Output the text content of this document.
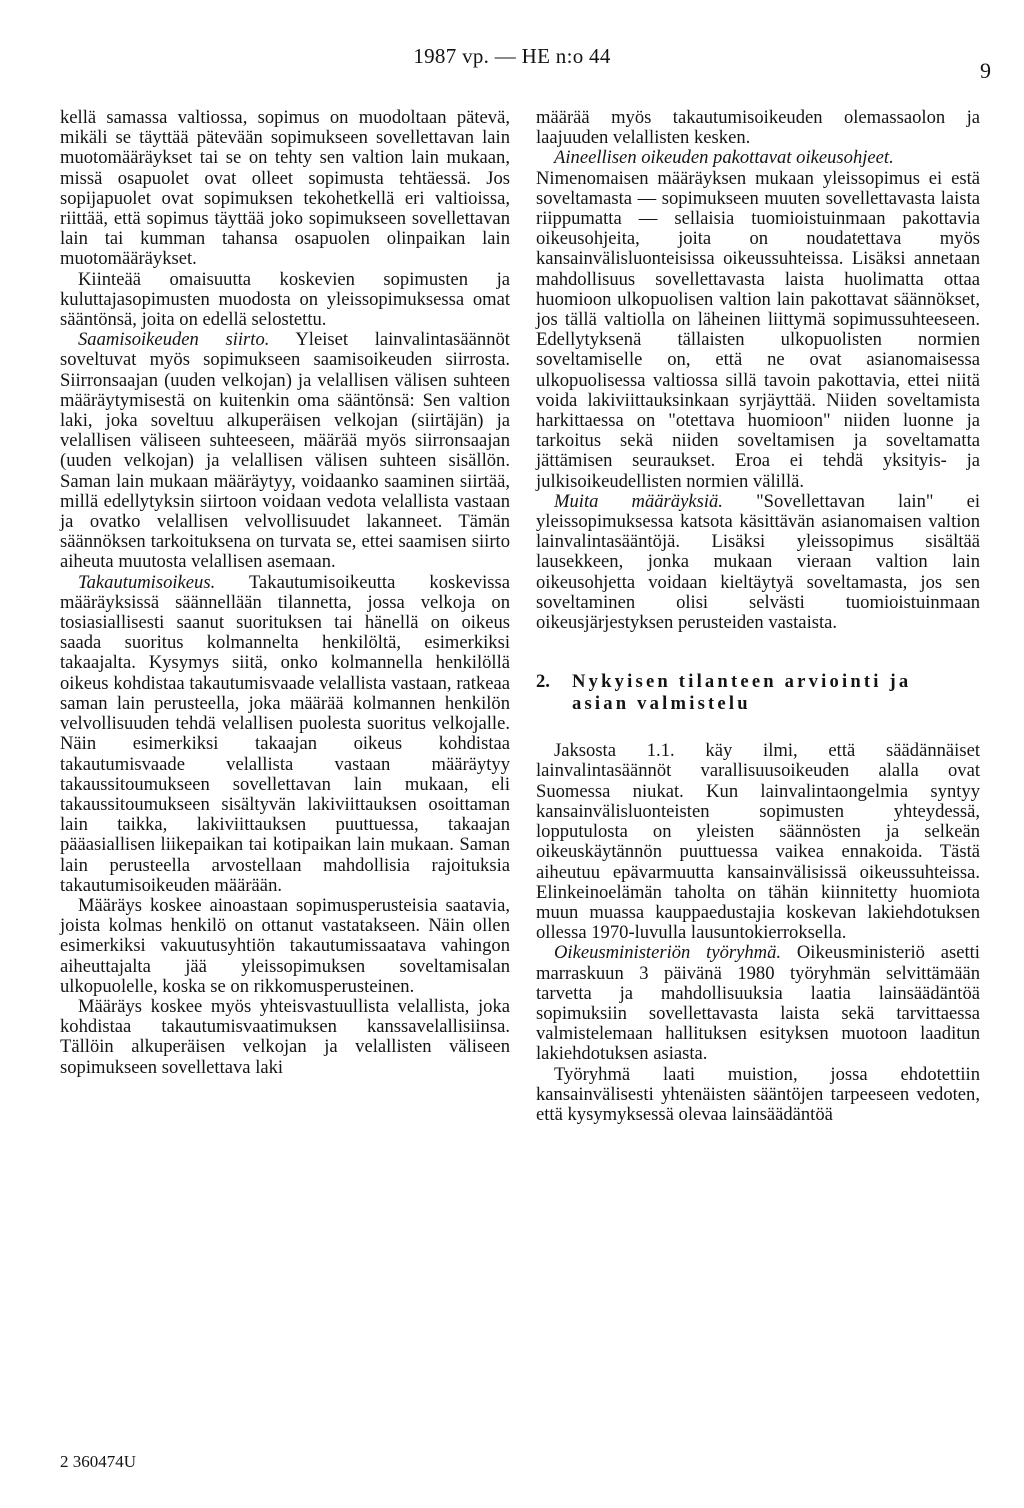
1987 vp. — HE n:o 44
9

kellä samassa valtiossa, sopimus on muodoltaan pätevä, mikäli se täyttää pätevään sopimukseen sovellettavan lain muotomääräykset tai se on tehty sen valtion lain mukaan, missä osapuolet ovat olleet sopimusta tehtäessä. Jos sopijapuolet ovat sopimuksen tekohetkellä eri valtioissa, riittää, että sopimus täyttää joko sopimukseen sovellettavan lain tai kumman tahansa osapuolen olinpaikan lain muotomääräykset.

Kiinteää omaisuutta koskevien sopimusten ja kuluttajasopimusten muodosta on yleissopimuksessa omat sääntönsä, joita on edellä selostettu.

Saamisoikeuden siirto. Yleiset lainvalintasäännöt soveltuvat myös sopimukseen saamisoikeuden siirrosta. Siirronsaajan (uuden velkojan) ja velallisen välisen suhteen määräytymisestä on kuitenkin oma sääntönsä: Sen valtion laki, joka soveltuu alkuperäisen velkojan (siirtäjän) ja velallisen väliseen suhteeseen, määrää myös siirronsaajan (uuden velkojan) ja velallisen välisen suhteen sisällön. Saman lain mukaan määräytyy, voidaanko saaminen siirtää, millä edellytyksin siirtoon voidaan vedota velallista vastaan ja ovatko velallisen velvollisuudet lakanneet. Tämän säännöksen tarkoituksena on turvata se, ettei saamisen siirto aiheuta muutosta velallisen asemaan.

Takautumisoikeus. Takautumisoikeutta koskevissa määräyksissä säännellään tilannetta, jossa velkoja on tosiasiallisesti saanut suorituksen tai hänellä on oikeus saada suoritus kolmannelta henkilöltä, esimerkiksi takaajalta. Kysymys siitä, onko kolmannella henkilöllä oikeus kohdistaa takautumisvaade velallista vastaan, ratkeaa saman lain perusteella, joka määrää kolmannen henkilön velvollisuuden tehdä velallisen puolesta suoritus velkojalle. Näin esimerkiksi takaajan oikeus kohdistaa takautumisvaade velallista vastaan määräytyy takaussitoumukseen sovellettavan lain mukaan, eli takaussitoumukseen sisältyvän lakiviittauksen osoittaman lain taikka, lakiviittauksen puuttuessa, takaajan pääasiallisen liikepaikan tai kotipaikan lain mukaan. Saman lain perusteella arvostellaan mahdollisia rajoituksia takautumisoikeuden määrään.

Määräys koskee ainoastaan sopimusperusteisia saatavia, joista kolmas henkilö on ottanut vastatakseen. Näin ollen esimerkiksi vakuutusyhtiön takautumissaatava vahingon aiheuttajalta jää yleissopimuksen soveltamisalan ulkopuolelle, koska se on rikkomusperusteinen.

Määräys koskee myös yhteisvastuullista velallista, joka kohdistaa takautumisvaatimuksen kanssavelallisiinsa. Tällöin alkuperäisen velkojan ja velallisten väliseen sopimukseen sovellettava laki

määrää myös takautumisoikeuden olemassaolon ja laajuuden velallisten kesken.

Aineellisen oikeuden pakottavat oikeusohjeet.

Nimenomaisen määräyksen mukaan yleissopimus ei estä soveltamasta — sopimukseen muuten sovellettavasta laista riippumatta — sellaisia tuomioistuinmaan pakottavia oikeusohjeita, joita on noudatettava myös kansainvälisluonteisissa oikeussuhteissa. Lisäksi annetaan mahdollisuus sovellettavasta laista huolimatta ottaa huomioon ulkopuolisen valtion lain pakottavat säännökset, jos tällä valtiolla on läheinen liittymä sopimussuhteeseen. Edellytyksenä tällaisten ulkopuolisten normien soveltamiselle on, että ne ovat asianomaisessa ulkopuolisessa valtiossa sillä tavoin pakottavia, ettei niitä voida lakiviittauksinkaan syrjäyttää. Niiden soveltamista harkittaessa on "otettava huomioon" niiden luonne ja tarkoitus sekä niiden soveltamisen ja soveltamatta jättämisen seuraukset. Eroa ei tehdä yksityis- ja julkisoikeudellisten normien välillä.

Muita määräyksiä. "Sovellettavan lain" ei yleissopimuksessa katsota käsittävän asianomaisen valtion lainvalintasääntöjä. Lisäksi yleissopimus sisältää lausekkeen, jonka mukaan vieraan valtion lain oikeusohjetta voidaan kieltäytyä soveltamasta, jos sen soveltaminen olisi selvästi tuomioistuinmaan oikeusjärjestyksen perusteiden vastaista.

2. Nykyisen tilanteen arviointi ja
asian valmistelu

Jaksosta 1.1. käy ilmi, että säädännäiset lainvalintasäännöt varallisuusoikeuden alalla ovat Suomessa niukat. Kun lainvalintaongelmia syntyy kansainvälisluonteisten sopimusten yhteydessä, lopputulosta on yleisten säännösten ja selkeän oikeuskäytännön puuttuessa vaikea ennakoida. Tästä aiheutuu epävarmuutta kansainvälisissä oikeussuhteissa. Elinkeinoelämän taholta on tähän kiinnitetty huomiota muun muassa kauppaedustajia koskevan lakiehdotuksen ollessa 1970-luvulla lausuntokierroksella.

Oikeusministeriön työryhmä. Oikeusministeriö asetti marraskuun 3 päivänä 1980 työryhmän selvittämään tarvetta ja mahdollisuuksia laatia lainsäädäntöä sopimuksiin sovellettavasta laista sekä tarvittaessa valmistelemaan hallituksen esityksen muotoon laaditun lakiehdotuksen asiasta.

Työryhmä laati muistion, jossa ehdotettiin kansainvälisesti yhtenäisten sääntöjen tarpeeseen vedoten, että kysymyksessä olevaa lainsäädäntöä

2 360474U
